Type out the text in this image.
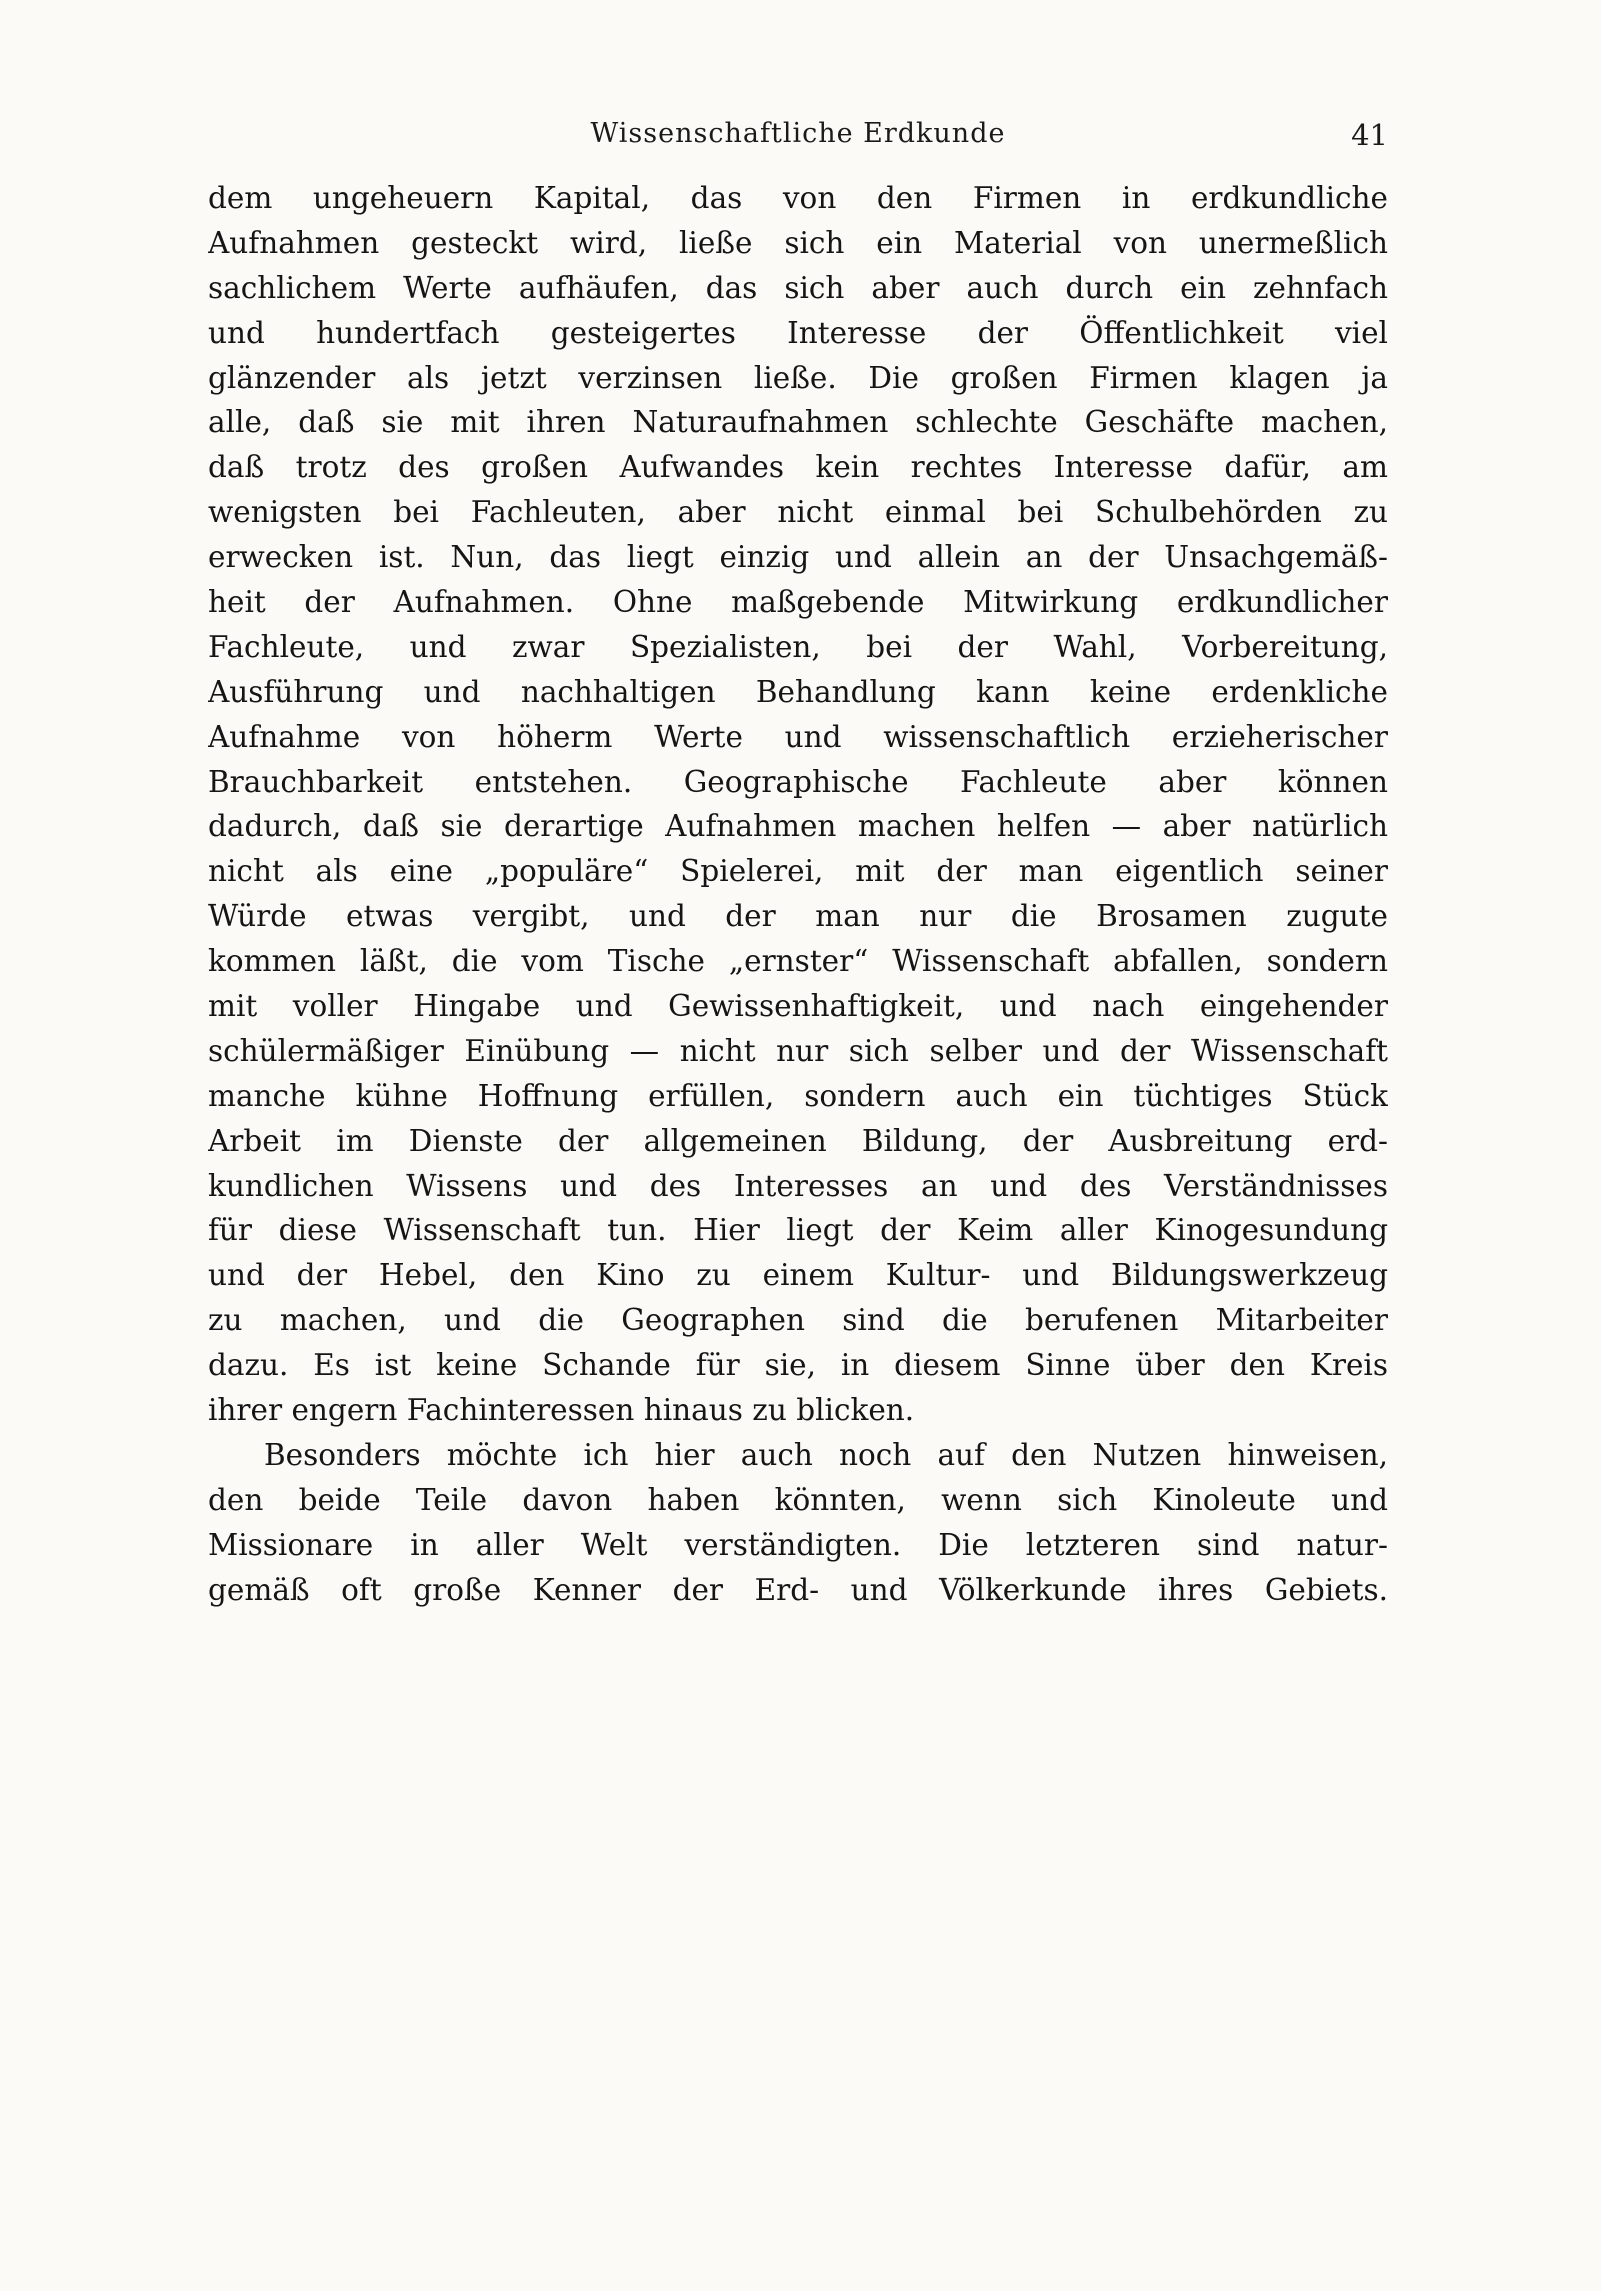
Wissenschaftliche Erdkunde	41
dem ungeheuern Kapital, das von den Firmen in erdkundliche
Aufnahmen gesteckt wird, ließe sich ein Material von unermeßlich
sachlichem Werte aufhäufen, das sich aber auch durch ein zehnfach
und hundertfach gesteigertes Interesse der Öffentlichkeit viel
glänzender als jetzt verzinsen ließe. Die großen Firmen klagen ja
alle, daß sie mit ihren Naturaufnahmen schlechte Geschäfte machen,
daß trotz des großen Aufwandes kein rechtes Interesse dafür, am
wenigsten bei Fachleuten, aber nicht einmal bei Schulbehörden zu
erwecken ist. Nun, das liegt einzig und allein an der Unsachgemäß-
heit der Aufnahmen. Ohne maßgebende Mitwirkung erdkundlicher
Fachleute, und zwar Spezialisten, bei der Wahl, Vorbereitung,
Ausführung und nachhaltigen Behandlung kann keine erdenkliche
Aufnahme von höherm Werte und wissenschaftlich erzieherischer
Brauchbarkeit entstehen. Geographische Fachleute aber können
dadurch, daß sie derartige Aufnahmen machen helfen — aber natürlich
nicht als eine „populäre“ Spielerei, mit der man eigentlich seiner
Würde etwas vergibt, und der man nur die Brosamen zugute
kommen läßt, die vom Tische „ernster“ Wissenschaft abfallen, sondern
mit voller Hingabe und Gewissenhaftigkeit, und nach eingehender
schülermäßiger Einübung — nicht nur sich selber und der Wissenschaft
manche kühne Hoffnung erfüllen, sondern auch ein tüchtiges Stück
Arbeit im Dienste der allgemeinen Bildung, der Ausbreitung erd-
kundlichen Wissens und des Interesses an und des Verständnisses
für diese Wissenschaft tun. Hier liegt der Keim aller Kinogesundung
und der Hebel, den Kino zu einem Kultur- und Bildungswerkzeug
zu machen, und die Geographen sind die berufenen Mitarbeiter
dazu. Es ist keine Schande für sie, in diesem Sinne über den Kreis
ihrer engern Fachinteressen hinaus zu blicken.
Besonders möchte ich hier auch noch auf den Nutzen hinweisen,
den beide Teile davon haben könnten, wenn sich Kinoleute und
Missionare in aller Welt verständigten. Die letzteren sind natur-
gemäß oft große Kenner der Erd- und Völkerkunde ihres Gebiets.
